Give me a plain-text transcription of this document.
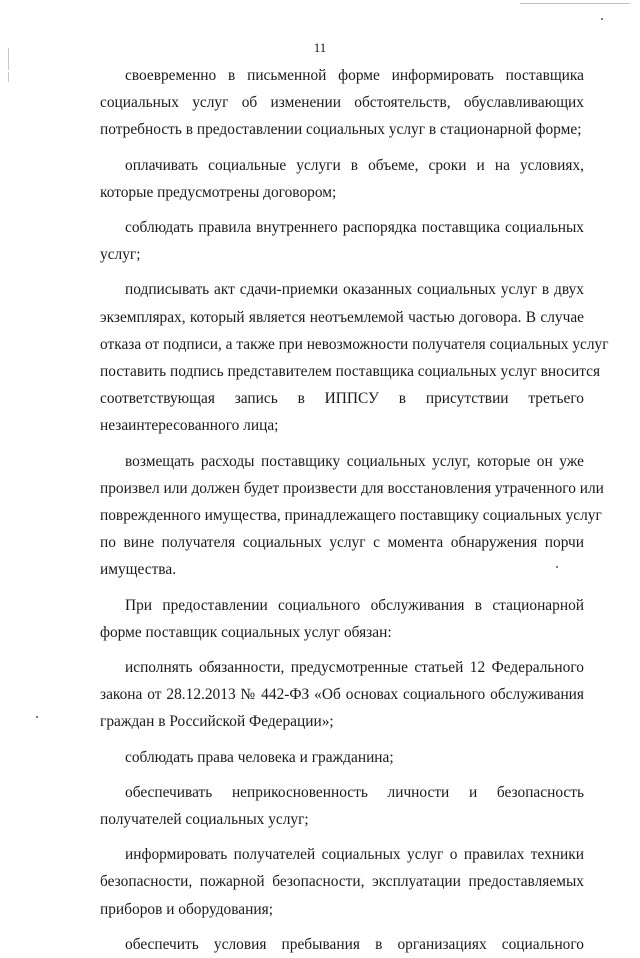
11

своевременно в письменной форме информировать поставщика
социальных услуг об изменении обстоятельств, обуславливающих
потребность в предоставлении социальных услуг в стационарной форме;

оплачивать социальные услуги в объеме, сроки и на условиях,
которые предусмотрены договором;

соблюдать правила внутреннего распорядка поставщика социальных
услуг;

подписывать акт сдачи-приемки оказанных социальных услуг в двух
экземплярах, который является неотъемлемой частью договора. В случае
отказа от подписи, а также при невозможности получателя социальных услуг
поставить подпись представителем поставщика социальных услуг вносится
соответствующая запись в ИППСУ в присутствии третьего
незаинтересованного лица;

возмещать расходы поставщику социальных услуг, которые он уже
произвел или должен будет произвести для восстановления утраченного или
поврежденного имущества, принадлежащего поставщику социальных услуг
по вине получателя социальных услуг с момента обнаружения порчи
имущества.

При предоставлении социального обслуживания в стационарной
форме поставщик социальных услуг обязан:

исполнять обязанности, предусмотренные статьей 12 Федерального
закона от 28.12.2013 № 442-ФЗ «Об основах социального обслуживания
граждан в Российской Федерации»;

соблюдать права человека и гражданина;

обеспечивать неприкосновенность личности и безопасность
получателей социальных услуг;

информировать получателей социальных услуг о правилах техники
безопасности, пожарной безопасности, эксплуатации предоставляемых
приборов и оборудования;

обеспечить условия пребывания в организациях социального
